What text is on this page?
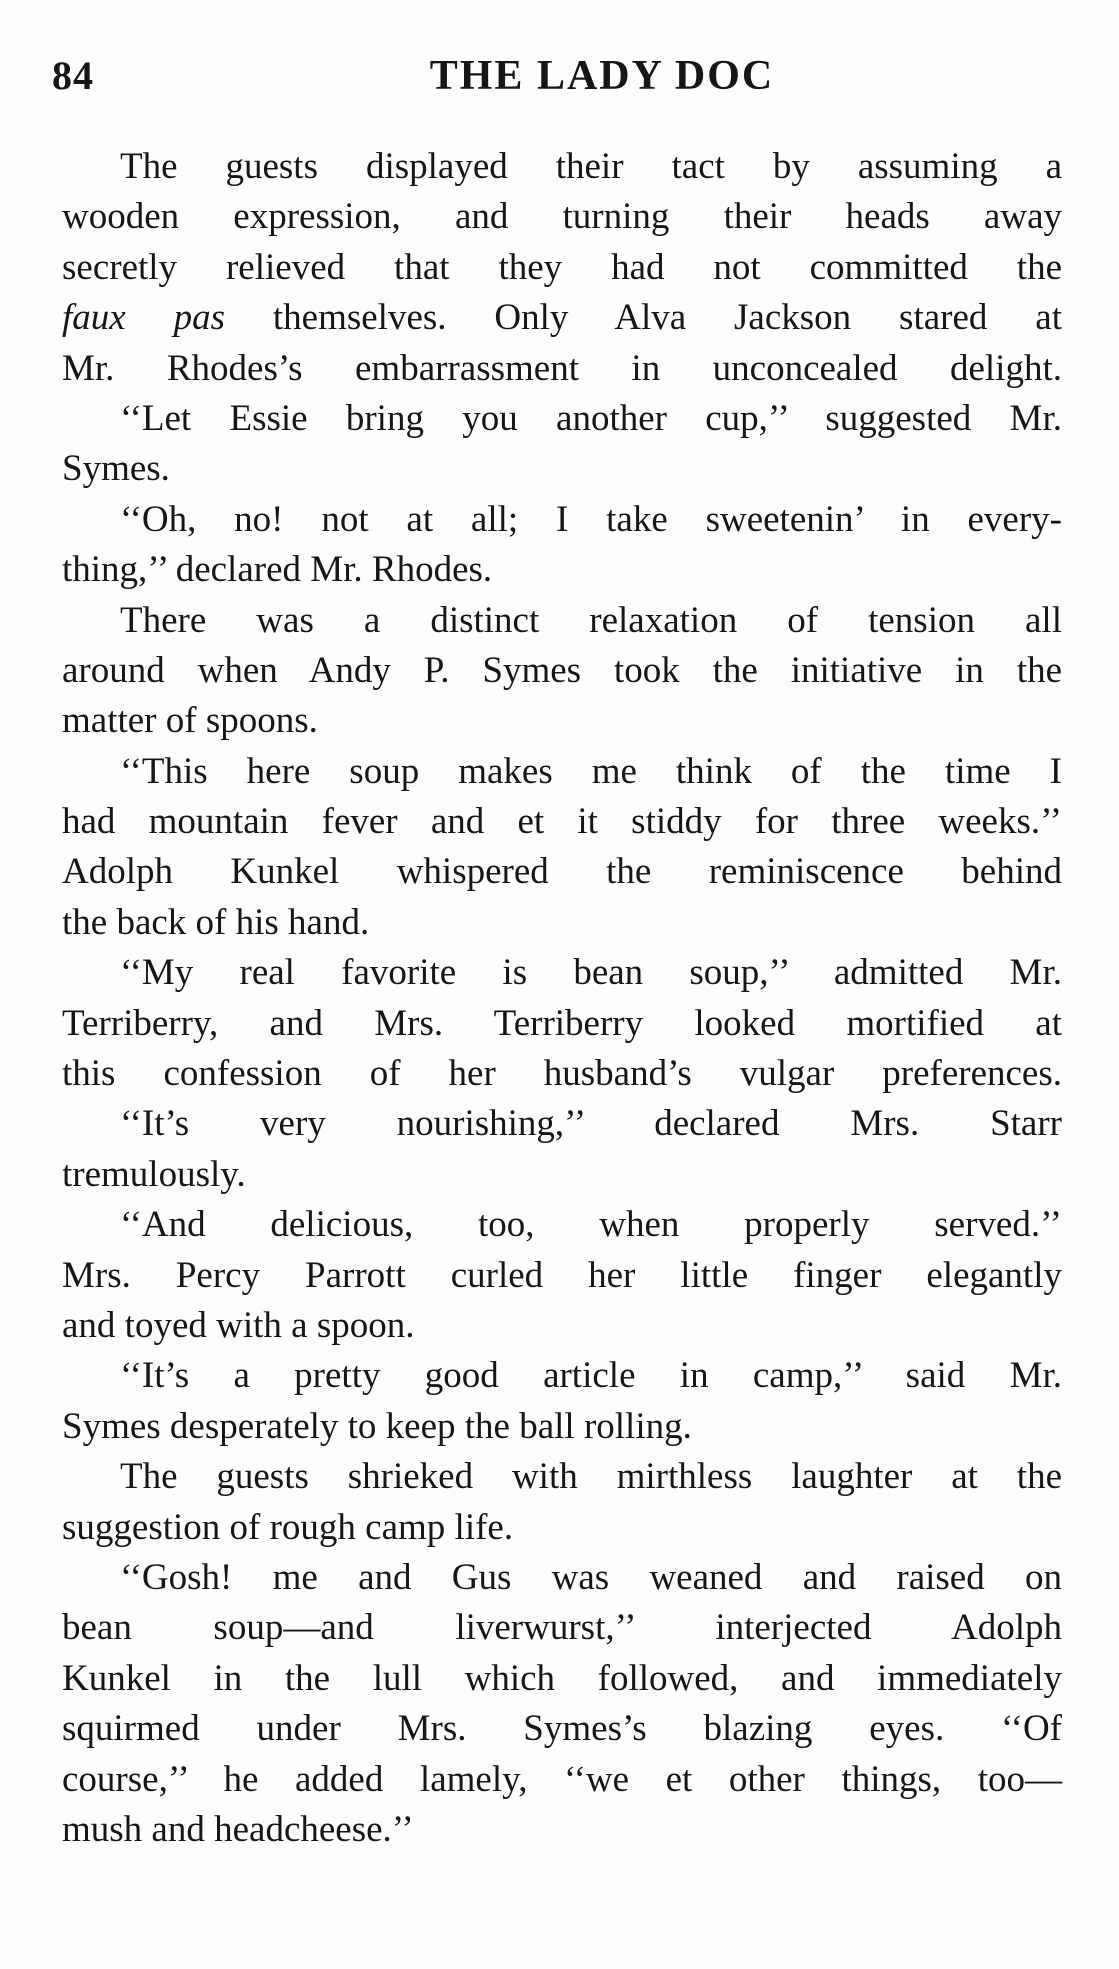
84	THE LADY DOC
The guests displayed their tact by assuming a
wooden expression, and turning their heads away
secretly relieved that they had not committed the
faux pas themselves. Only Alva Jackson stared at
Mr. Rhodes’s embarrassment in unconcealed delight.
‘‘Let Essie bring you another cup,’’ suggested Mr.
Symes.
‘‘Oh, no! not at all; I take sweetenin’ in every-
thing,’’ declared Mr. Rhodes.
There was a distinct relaxation of tension all
around when Andy P. Symes took the initiative in the
matter of spoons.
‘‘This here soup makes me think of the time I
had mountain fever and et it stiddy for three weeks.’’
Adolph Kunkel whispered the reminiscence behind
the back of his hand.
‘‘My real favorite is bean soup,’’ admitted Mr.
Terriberry, and Mrs. Terriberry looked mortified at
this confession of her husband’s vulgar preferences.
‘‘It’s very nourishing,’’ declared Mrs. Starr
tremulously.
‘‘And delicious, too, when properly served.’’
Mrs. Percy Parrott curled her little finger elegantly
and toyed with a spoon.
‘‘It’s a pretty good article in camp,’’ said Mr.
Symes desperately to keep the ball rolling.
The guests shrieked with mirthless laughter at the
suggestion of rough camp life.
‘‘Gosh! me and Gus was weaned and raised on
bean soup—and liverwurst,’’ interjected Adolph
Kunkel in the lull which followed, and immediately
squirmed under Mrs. Symes’s blazing eyes. ‘‘Of
course,’’ he added lamely, ‘‘we et other things, too—
mush and headcheese.’’
